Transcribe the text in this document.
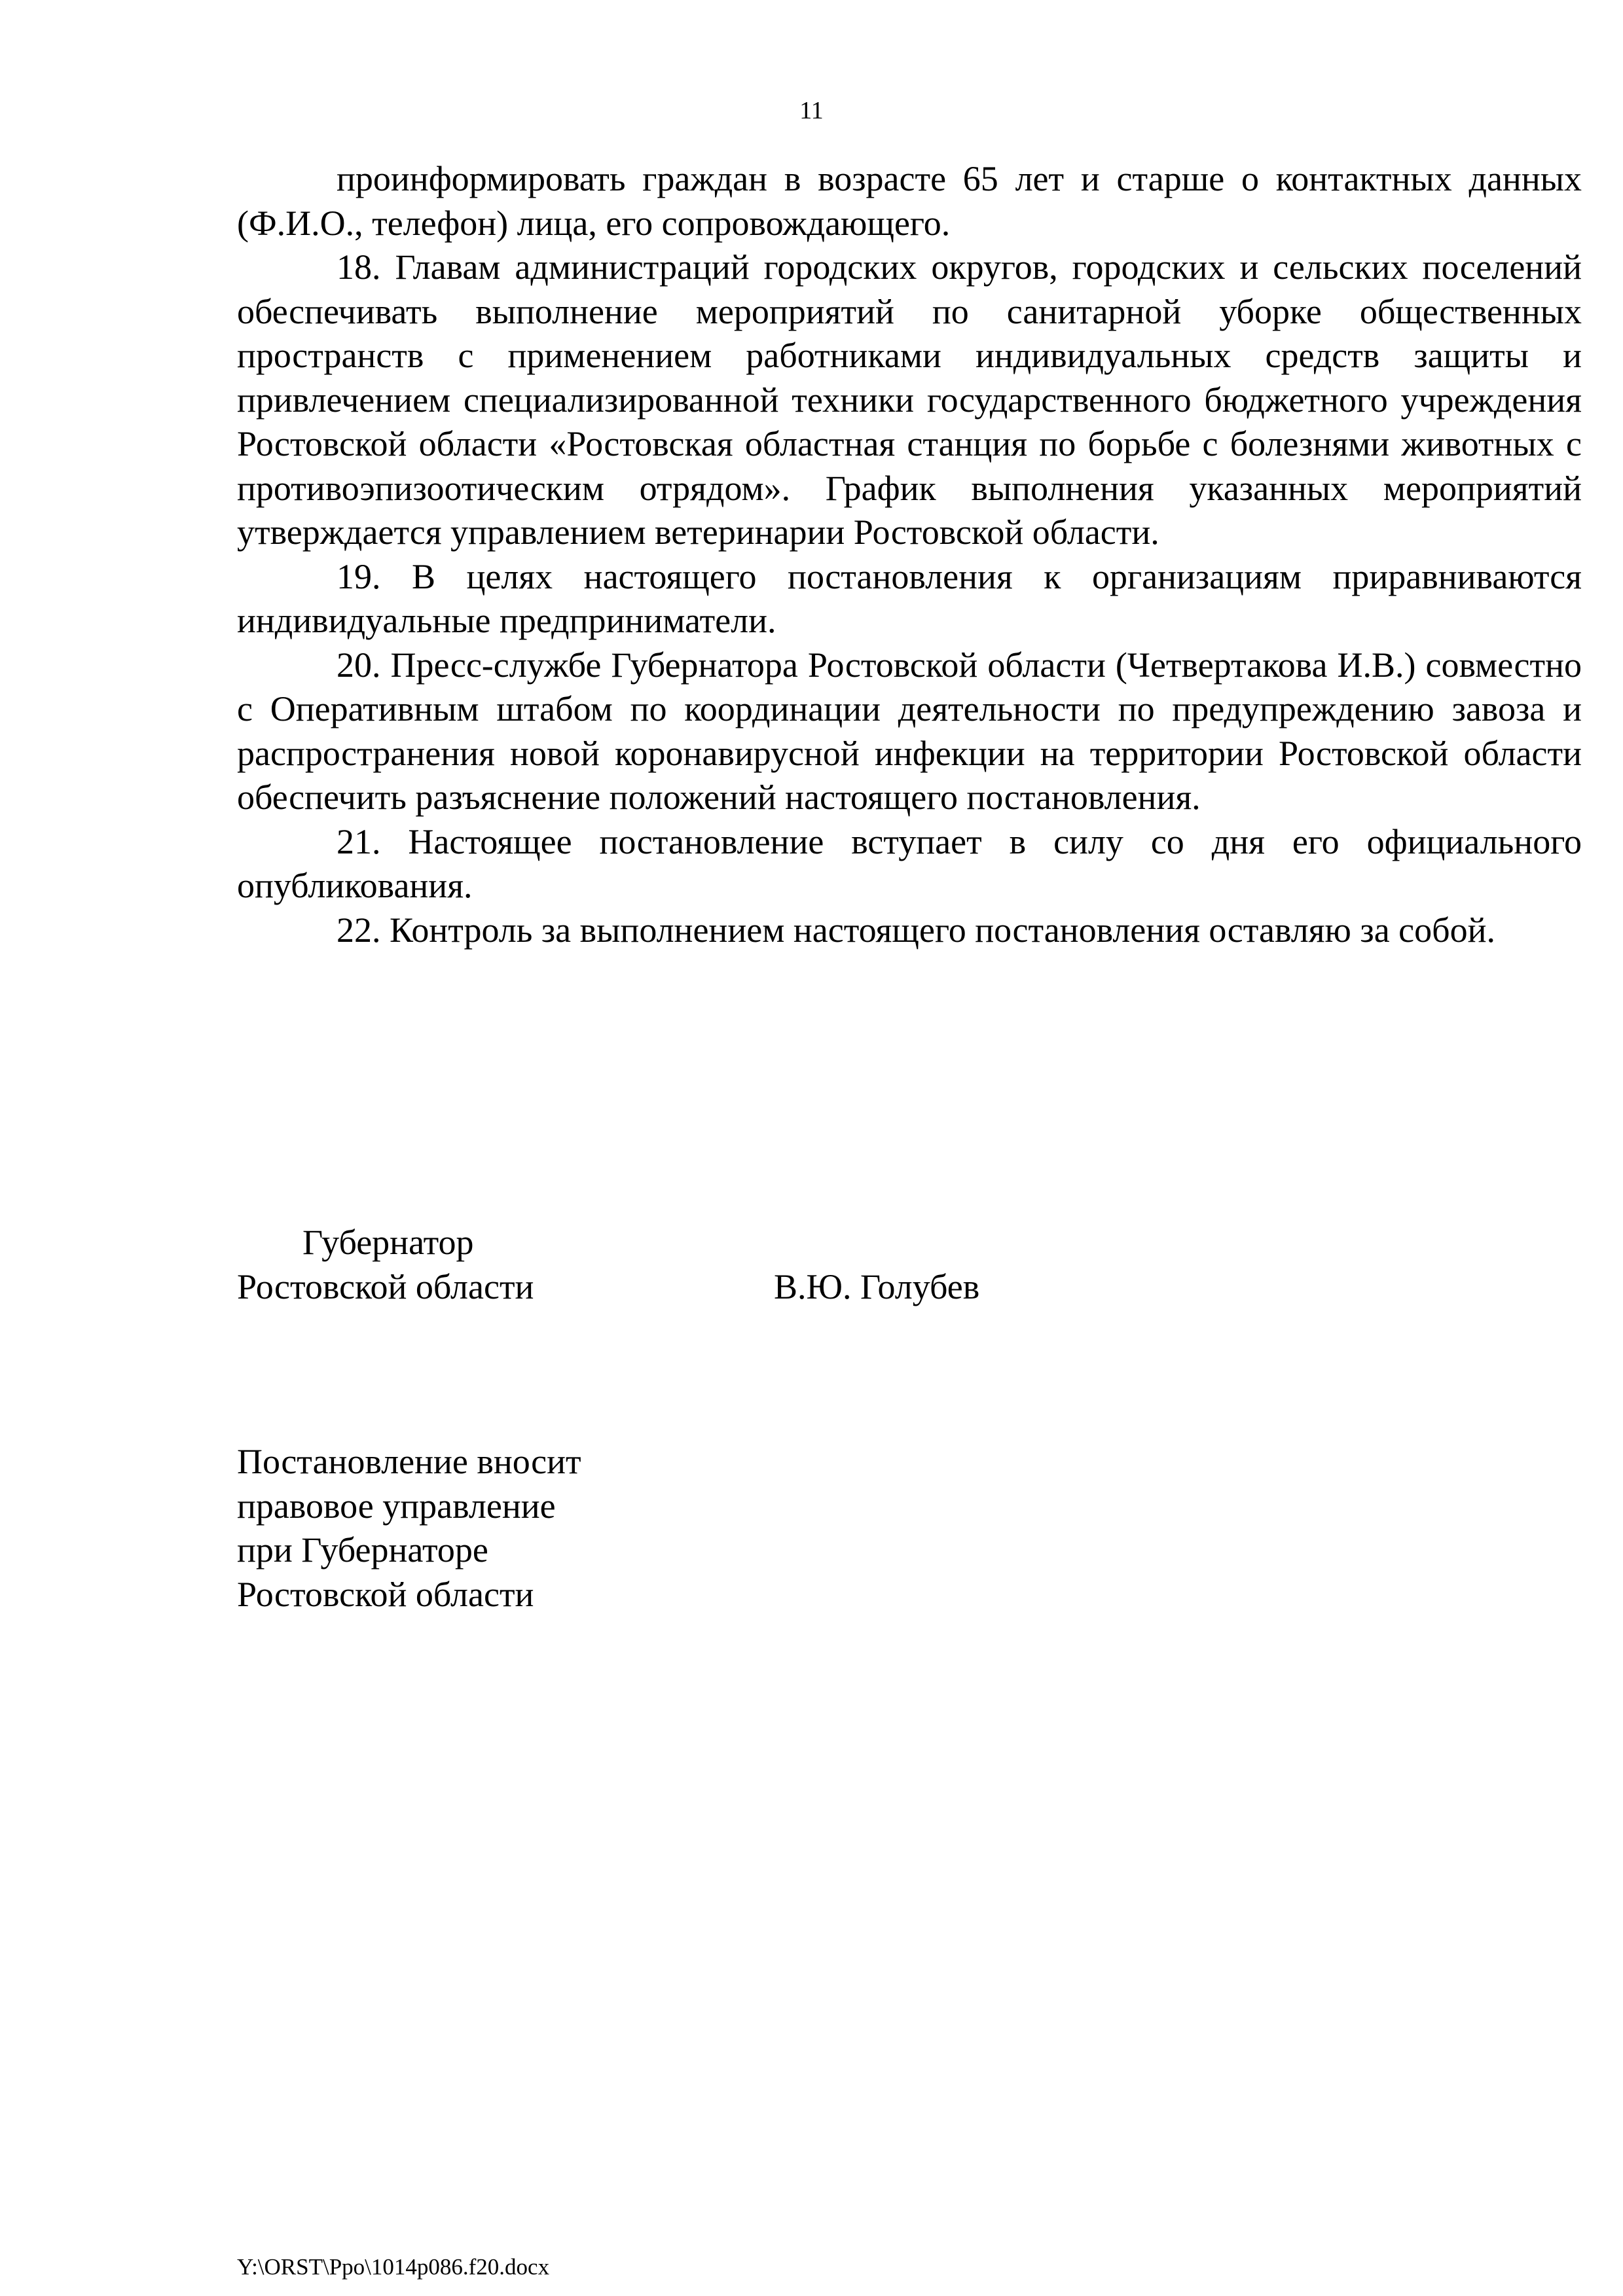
11

проинформировать граждан в возрасте 65 лет и старше о контактных данных (Ф.И.О., телефон) лица, его сопровождающего.

18. Главам администраций городских округов, городских и сельских поселений обеспечивать выполнение мероприятий по санитарной уборке общественных пространств с применением работниками индивидуальных средств защиты и привлечением специализированной техники государственного бюджетного учреждения Ростовской области «Ростовская областная станция по борьбе с болезнями животных с противоэпизоотическим отрядом». График выполнения указанных мероприятий утверждается управлением ветеринарии Ростовской области.

19. В целях настоящего постановления к организациям приравниваются индивидуальные предприниматели.

20. Пресс-службе Губернатора Ростовской области (Четвертакова И.В.) совместно с Оперативным штабом по координации деятельности по предупреждению завоза и распространения новой коронавирусной инфекции на территории Ростовской области обеспечить разъяснение положений настоящего постановления.

21. Настоящее постановление вступает в силу со дня его официального опубликования.

22. Контроль за выполнением настоящего постановления оставляю за собой.

Губернатор
Ростовской области	В.Ю. Голубев
Постановление вносит
правовое управление
при Губернаторе
Ростовской области
Y:\ORST\Ppo\1014p086.f20.docx
